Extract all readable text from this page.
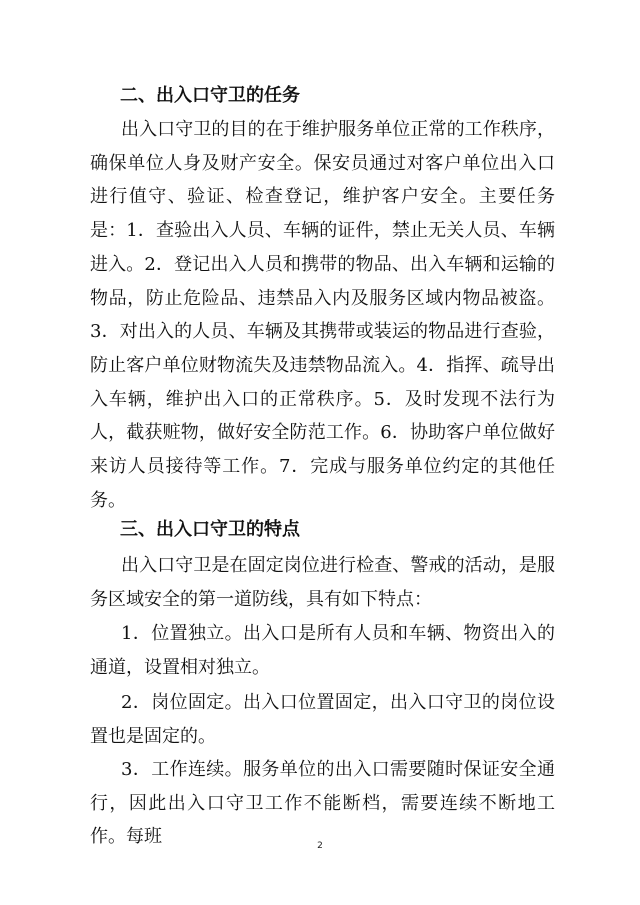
二、出入口守卫的任务

出入口守卫的目的在于维护服务单位正常的工作秩序，确保单位人身及财产安全。保安员通过对客户单位出入口进行值守、验证、检查登记，维护客户安全。主要任务是：1．查验出入人员、车辆的证件，禁止无关人员、车辆进入。2．登记出入人员和携带的物品、出入车辆和运输的物品，防止危险品、违禁品入内及服务区域内物品被盗。3．对出入的人员、车辆及其携带或装运的物品进行查验，防止客户单位财物流失及违禁物品流入。4．指挥、疏导出入车辆，维护出入口的正常秩序。5．及时发现不法行为人，截获赃物，做好安全防范工作。6．协助客户单位做好来访人员接待等工作。7．完成与服务单位约定的其他任务。

三、出入口守卫的特点

出入口守卫是在固定岗位进行检查、警戒的活动，是服务区域安全的第一道防线，具有如下特点：

1．位置独立。出入口是所有人员和车辆、物资出入的通道，设置相对独立。

2．岗位固定。出入口位置固定，出入口守卫的岗位设置也是固定的。

3．工作连续。服务单位的出入口需要随时保证安全通行，因此出入口守卫工作不能断档，需要连续不断地工作。每班	2
